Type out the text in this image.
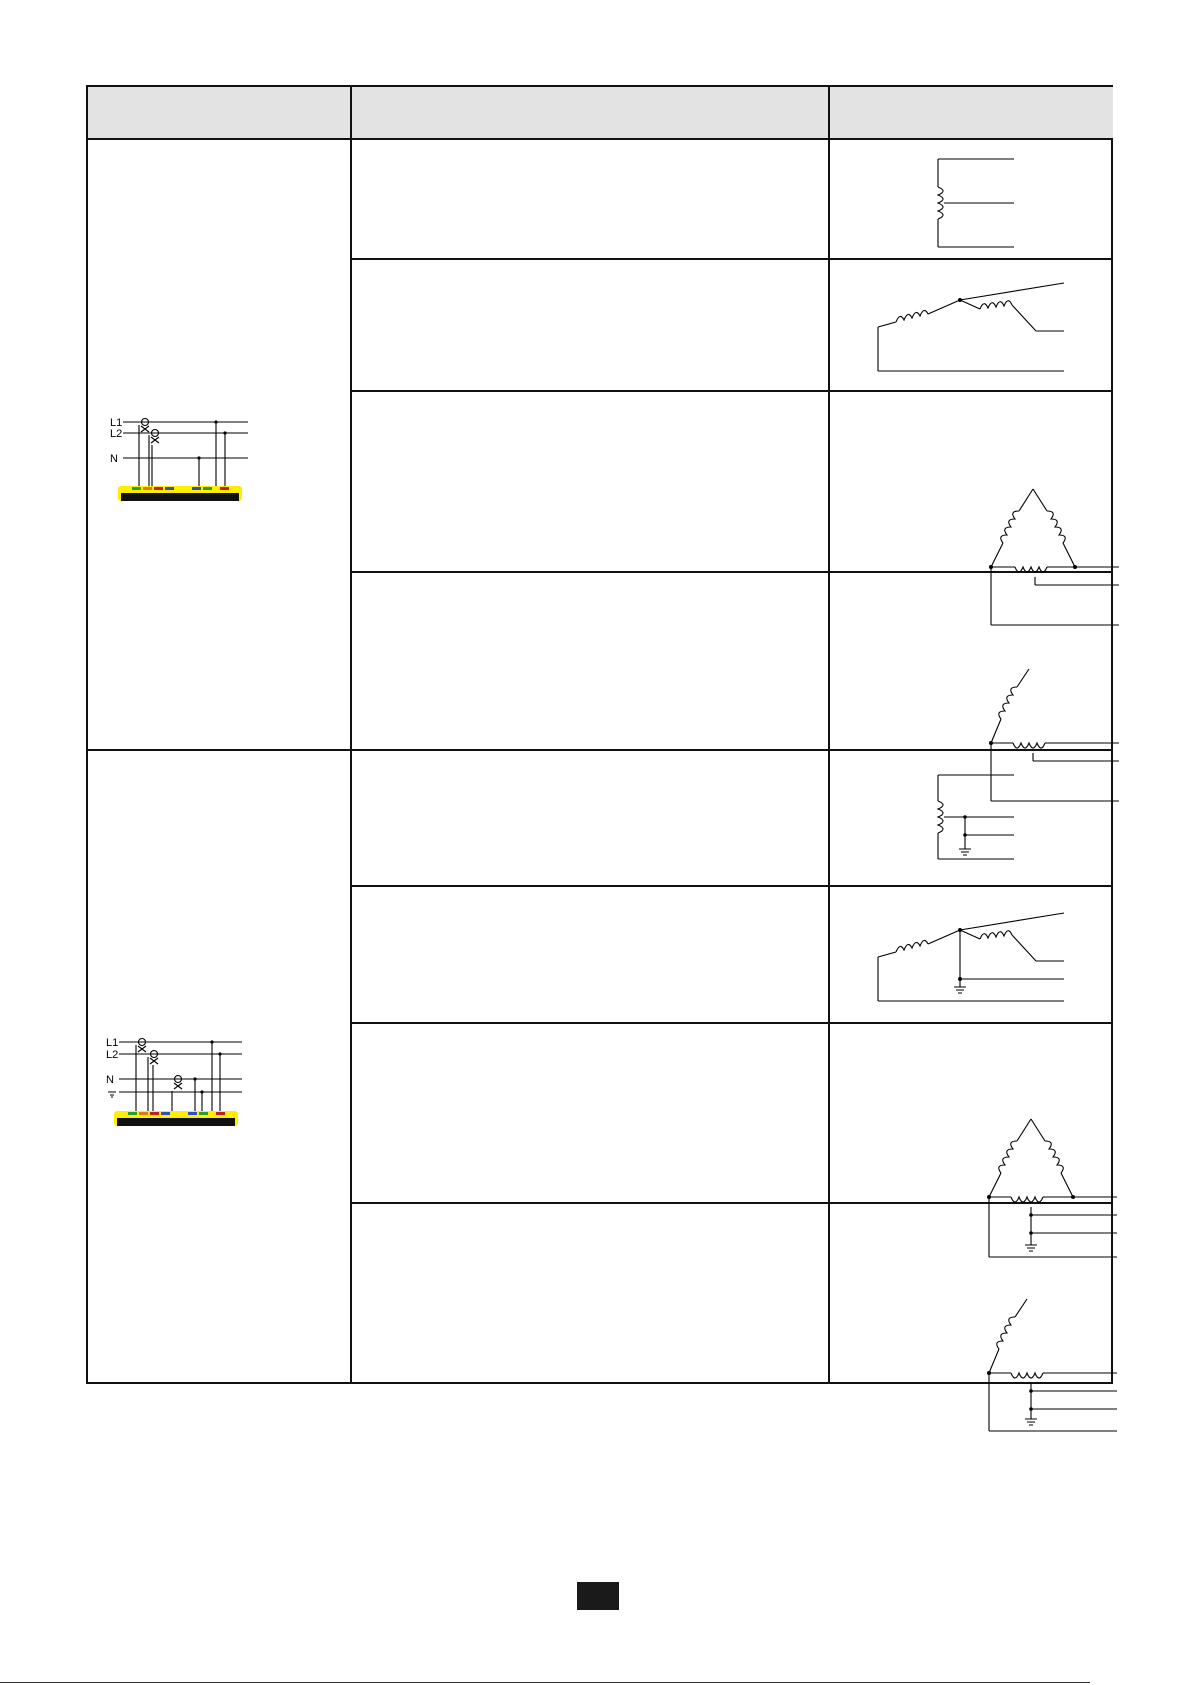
L1
L2
N
L1
L2
N
